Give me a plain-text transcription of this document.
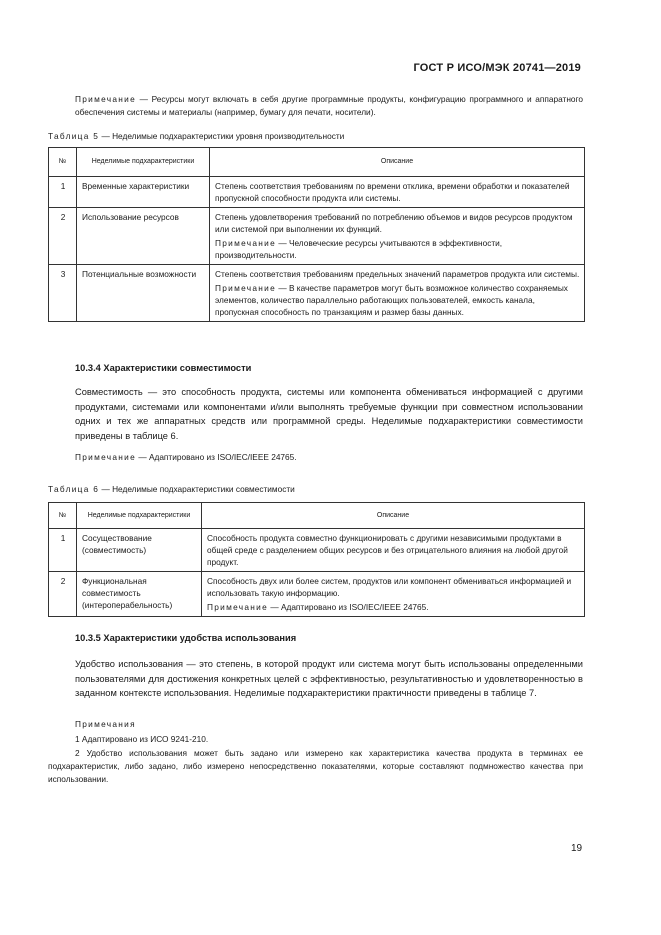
ГОСТ Р ИСО/МЭК 20741—2019
Примечание — Ресурсы могут включать в себя другие программные продукты, конфигурацию программного и аппаратного обеспечения системы и материалы (например, бумагу для печати, носители).
Таблица 5 — Неделимые подхарактеристики уровня производительности
№	Неделимые подхарактеристики	Описание
1	Временные характеристики	Степень соответствия требованиям по времени отклика, времени обработки и показателей пропускной способности продукта или системы.

2	Использование ресурсов	Степень удовлетворения требований по потреблению объемов и видов ресурсов продуктом или системой при выполнении их функций.

Примечание — Человеческие ресурсы учитываются в эффективности, производительности.

3	Потенциальные возможности	Степень соответствия требованиям предельных значений параметров продукта или системы.

Примечание — В качестве параметров могут быть возможное количество сохраняемых элементов, количество параллельно работающих пользователей, емкость канала, пропускная способность по транзакциям и размер базы данных.

10.3.4 Характеристики совместимости

Совместимость — это способность продукта, системы или компонента обмениваться информацией с другими продуктами, системами или компонентами и/или выполнять требуемые функции при совместном использовании одних и тех же аппаратных средств или программной среды. Неделимые подхарактеристики совместимости приведены в таблице 6.

Примечание — Адаптировано из ISO/IEC/IEEE 24765.
Таблица 6 — Неделимые подхарактеристики совместимости
№	Неделимые подхарактеристики	Описание
1	Сосуществование (совместимость)	Способность продукта совместно функционировать с другими независимыми продуктами в общей среде с разделением общих ресурсов и без отрицательного влияния на любой другой продукт.

2	Функциональная совместимость (интероперабельность)	Способность двух или более систем, продуктов или компонент обмениваться информацией и использовать такую информацию.

Примечание — Адаптировано из ISO/IEC/IEEE 24765.

10.3.5 Характеристики удобства использования

Удобство использования — это степень, в которой продукт или система могут быть использованы определенными пользователями для достижения конкретных целей с эффективностью, результативностью и удовлетворенностью в заданном контексте использования. Неделимые подхарактеристики практичности приведены в таблице 7.

Примечания
1 Адаптировано из ИСО 9241-210.
2 Удобство использования может быть задано или измерено как характеристика качества продукта в терминах ее подхарактеристик, либо задано, либо измерено непосредственно показателями, которые составляют подмножество качества при использовании.
19
